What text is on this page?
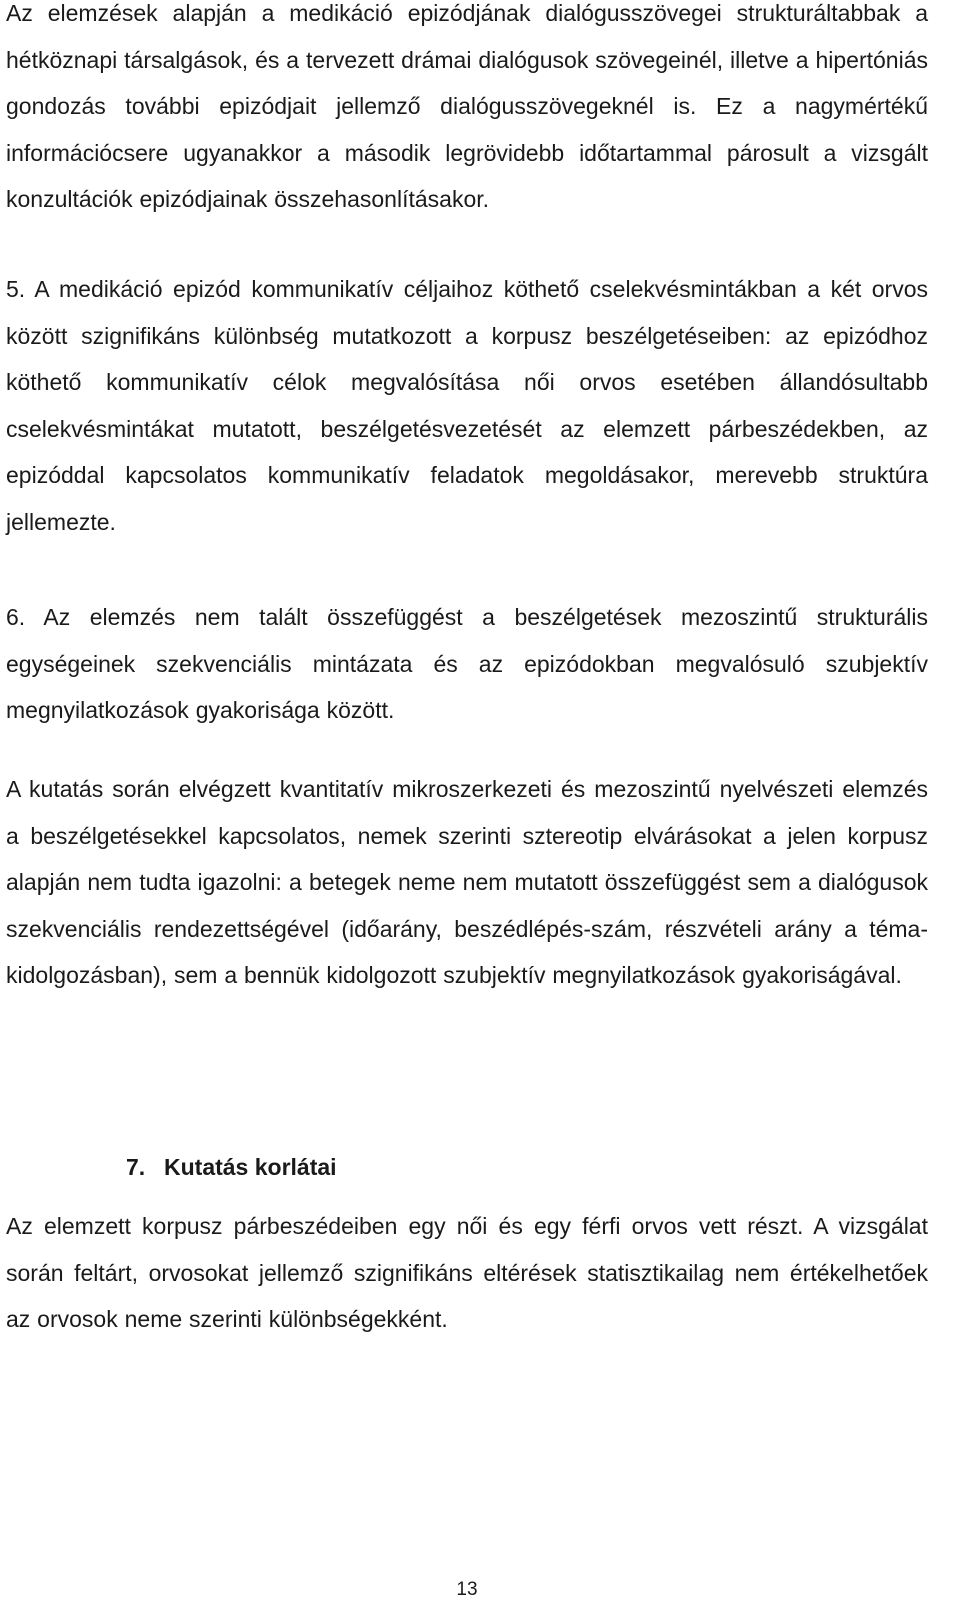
Az elemzések alapján a medikáció epizódjának dialógusszövegei strukturáltabbak a hétköznapi társalgások, és a tervezett drámai dialógusok szövegeinél, illetve a hipertóniás gondozás további epizódjait jellemző dialógusszövegeknél is. Ez a nagymértékű információcsere ugyanakkor a második legrövidebb időtartammal párosult a vizsgált konzultációk epizódjainak összehasonlításakor.

5. A medikáció epizód kommunikatív céljaihoz köthető cselekvésmintákban a két orvos között szignifikáns különbség mutatkozott a korpusz beszélgetéseiben: az epizódhoz köthető kommunikatív célok megvalósítása női orvos esetében állandósultabb cselekvésmintákat mutatott, beszélgetésvezetését az elemzett párbeszédekben, az epizóddal kapcsolatos kommunikatív feladatok megoldásakor, merevebb struktúra jellemezte.

6. Az elemzés nem talált összefüggést a beszélgetések mezoszintű strukturális egységeinek szekvenciális mintázata és az epizódokban megvalósuló szubjektív megnyilatkozások gyakorisága között.

A kutatás során elvégzett kvantitatív mikroszerkezeti és mezoszintű nyelvészeti elemzés a beszélgetésekkel kapcsolatos, nemek szerinti sztereotip elvárásokat a jelen korpusz alapján nem tudta igazolni: a betegek neme nem mutatott összefüggést sem a dialógusok szekvenciális rendezettségével (időarány, beszédlépés-szám, részvételi arány a téma-kidolgozásban), sem a bennük kidolgozott szubjektív megnyilatkozások gyakoriságával.

7. Kutatás korlátai

Az elemzett korpusz párbeszédeiben egy női és egy férfi orvos vett részt. A vizsgálat során feltárt, orvosokat jellemző szignifikáns eltérések statisztikailag nem értékelhetőek az orvosok neme szerinti különbségekként.

13
